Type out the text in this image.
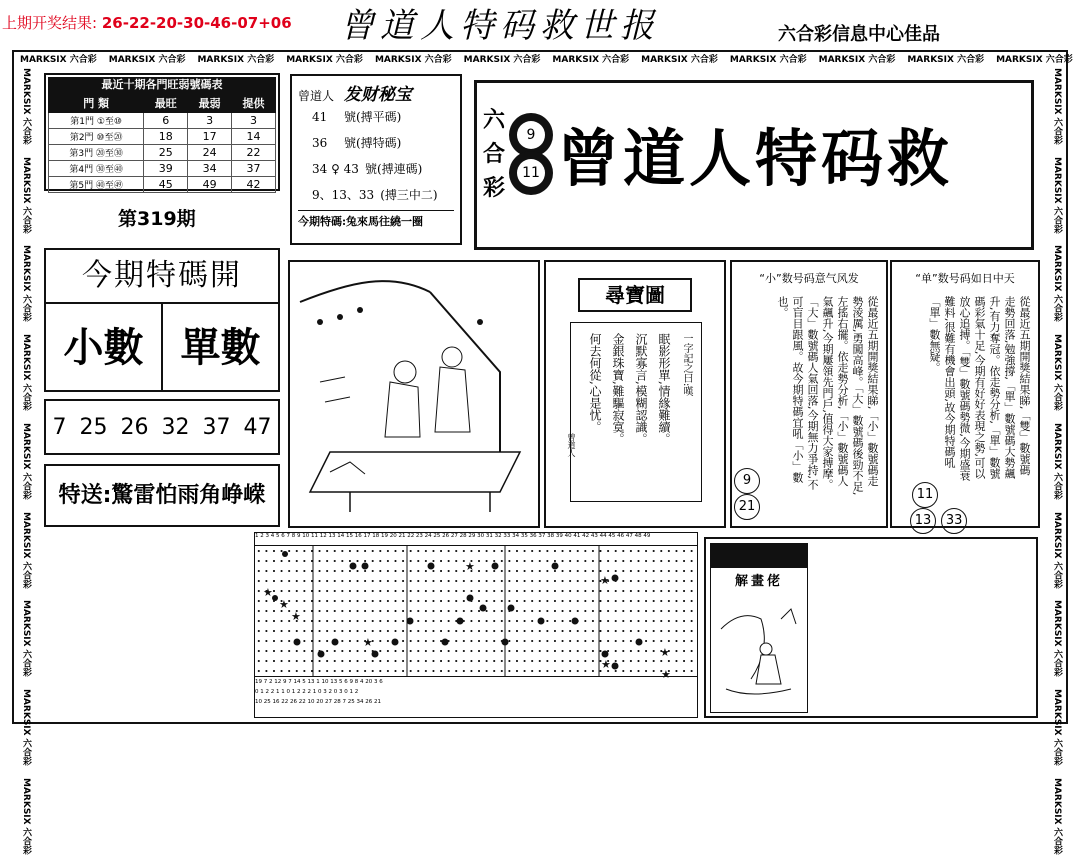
上期开奖结果: 26-22-20-30-46-07+06 曾道人特码救世报	六合彩信息中心佳品
MARKSIX 六合彩 MARKSIX 六合彩 MARKSIX 六合彩 MARKSIX 六合彩 MARKSIX 六合彩 MARKSIX 六合彩 MARKSIX 六合彩 MARKSIX 六合彩 MARKSIX 六合彩 MARKSIX 六合彩 MARKSIX 六合彩 MARKSIX 六合彩
MARKSIX 六合彩
MARKSIX 六合彩
MARKSIX 六合彩
MARKSIX 六合彩
MARKSIX 六合彩
MARKSIX 六合彩
MARKSIX 六合彩
MARKSIX 六合彩
MARKSIX 六合彩
MARKSIX 六合彩
MARKSIX 六合彩
MARKSIX 六合彩
MARKSIX 六合彩
MARKSIX 六合彩
MARKSIX 六合彩
MARKSIX 六合彩
MARKSIX 六合彩
MARKSIX 六合彩
最近十期各門旺弱號碼表
門 類	最旺	最弱	提供
第1門 ①至⑩	6	3	3
第2門 ⑩至⑳	18	17	14
第3門 ⑳至㉚	25	24	22
第4門 ㉚至㊵	39	34	37
第5門 ㊵至㊾	45	49	42
第319期
曾道人 发财秘宝
41 號(搏平碼)
36 號(搏特碼)
34 ♀ 43 號(搏連碼)
9、13、33 (搏三中二)
今期特碼:兔來馬往繞一圈
六
合
彩
9
11 曾道人特码救
今期特碼開
小數 單數
7 25 26 32 37 47
特送:驚雷怕雨角峥嵘
尋寶圖
一字記之曰:嘆
眠影形單,情緣難續。
沉默寡言,模糊認識。
金銀珠寶,難驅寂寞。
何去何從,心是忧。
曾道人
“小”数号码意气风发
從最近五期開獎結果睇,「小」數號碼走勢淩厲,勇闖高峰。「大」數號碼後勁不足,左搖右擺。依走勢分析,「小」數號碼人氣飆升,今期屢領先門戶,值得大家搏摩。「大」數號碼人氣回落,今期無力爭持,不可盲目跟風。故今期特碼宜吼「小」數也。
9
21
“单”数号码如日中天
從最近五期開獎結果睇,「雙」數號碼走勢回落,勉強撐,「單」數號碼大勢飆升,有力奪冠。依走勢分析,「單」數號碼彩氣十足,今期有好好表現之勢,可以放心追搏。「雙」數號碼勢微,今期盛衰難料,很難有機會出頭,故今期特碼吼「單」數無疑。
11
13 33
1 2 3 4 5 6 7 8 9 10 11 12 13 14 15 16 17 18 19 20 21 22 23 24 25 26 27 28 29 30 31 32 33 34 35 36 37 38 39 40 41 42 43 44 45 46 47 48 49
★
★
★
★
★
★
★
★
★
19 7 2 12 9 7 14 5 13 1 10 13 5 6 9 8 4 20 3 6
0 1 2 2 1 1 0 1 2 2 2 1 0 3 2 0 3 0 1 2
10 25 16 22 26 22 10 20 27 28 7 25 34 26 21
解畫佬
